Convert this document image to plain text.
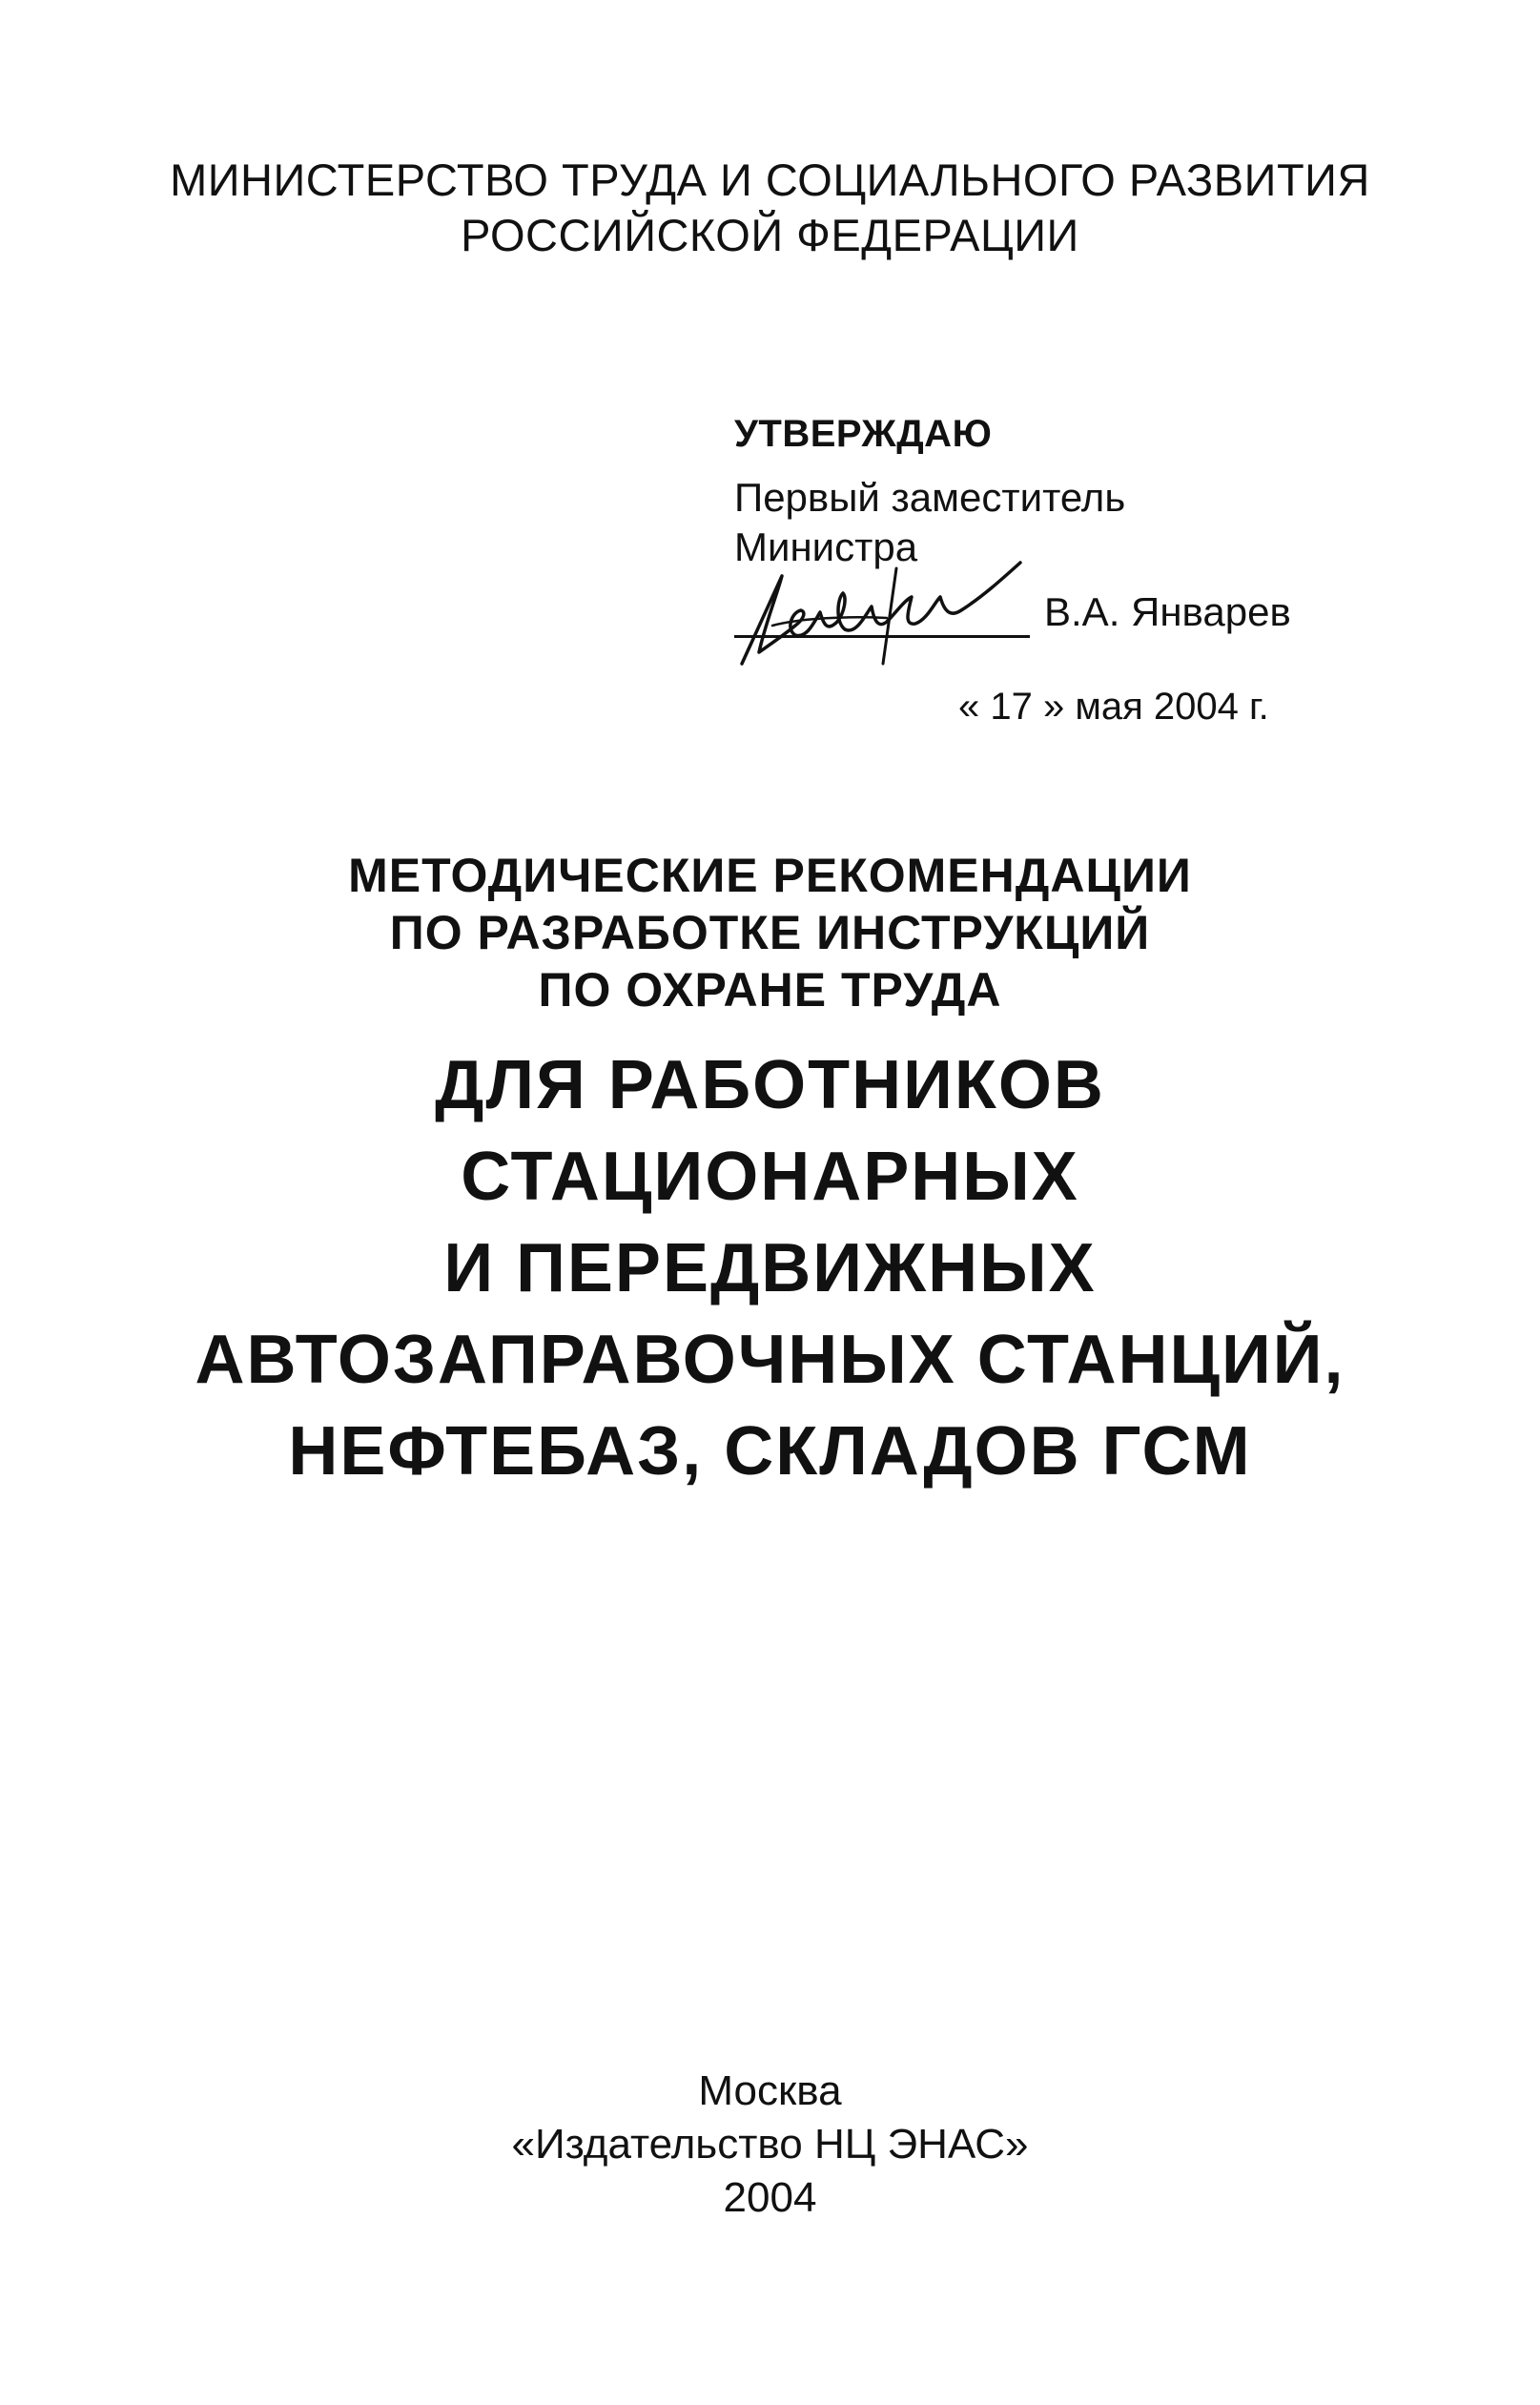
МИНИСТЕРСТВО ТРУДА И СОЦИАЛЬНОГО РАЗВИТИЯ
РОССИЙСКОЙ ФЕДЕРАЦИИ
УТВЕРЖДАЮ
Первый заместитель
Министра
В.А. Январев
« 17 » мая 2004 г.
МЕТОДИЧЕСКИЕ РЕКОМЕНДАЦИИ
ПО РАЗРАБОТКЕ ИНСТРУКЦИЙ
ПО ОХРАНЕ ТРУДА
ДЛЯ РАБОТНИКОВ
СТАЦИОНАРНЫХ
И ПЕРЕДВИЖНЫХ
АВТОЗАПРАВОЧНЫХ СТАНЦИЙ,
НЕФТЕБАЗ, СКЛАДОВ ГСМ
Москва
«Издательство НЦ ЭНАС»
2004
